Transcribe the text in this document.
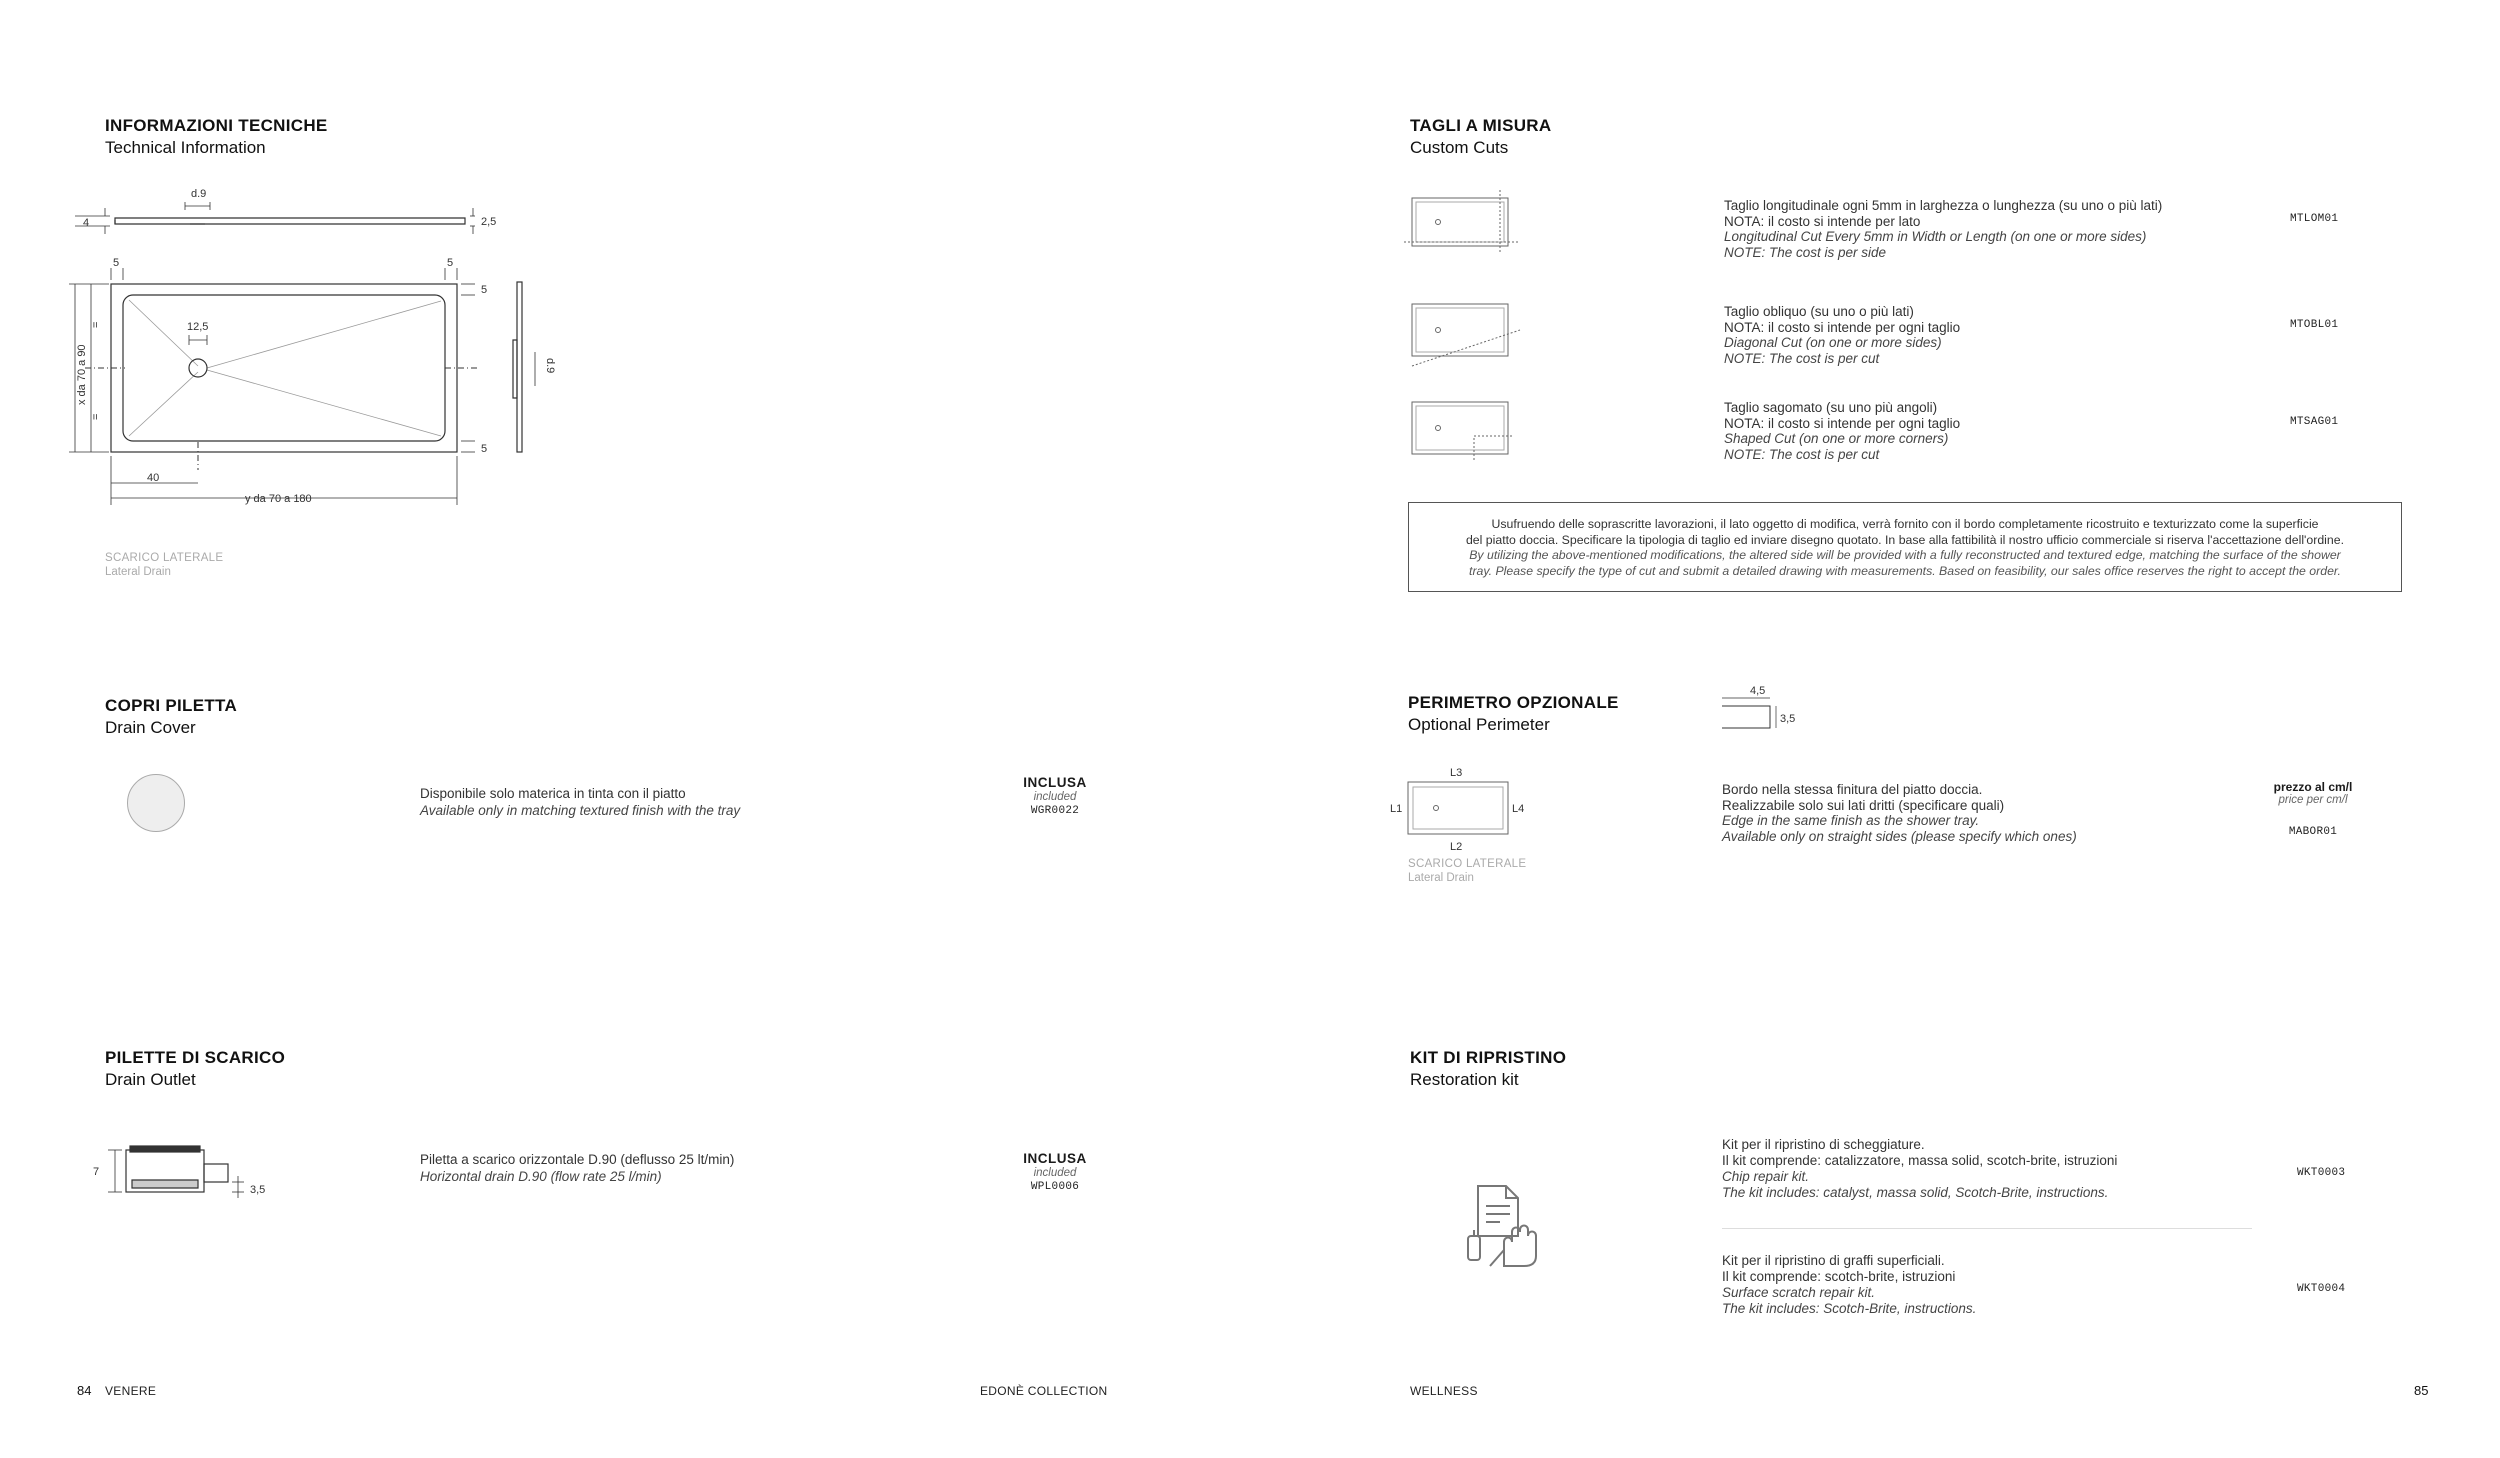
INFORMAZIONI TECNICHE
Technical Information
d.9
4	2,5
5	5
5
5
12,5
40
y da 70 a 180
x da 70 a 90
=
=
d.9
SCARICO LATERALE
Lateral Drain
COPRI PILETTA
Drain Cover
Disponibile solo materica in tinta con il piatto
Available only in matching textured finish with the tray
INCLUSA
included
WGR0022
PILETTE DI SCARICO
Drain Outlet
7
3,5
Piletta a scarico orizzontale D.90 (deflusso 25 lt/min)
Horizontal drain D.90 (flow rate 25 l/min)
INCLUSA
included
WPL0006
84 VENERE	EDONÈ COLLECTION
TAGLI A MISURA
Custom Cuts
Taglio longitudinale ogni 5mm in larghezza o lunghezza (su uno o più lati)
NOTA: il costo si intende per lato
Longitudinal Cut Every 5mm in Width or Length (on one or more sides)
NOTE: The cost is per side
MTLOM01
Taglio obliquo (su uno o più lati)
NOTA: il costo si intende per ogni taglio
Diagonal Cut (on one or more sides)
NOTE: The cost is per cut
MTOBL01
Taglio sagomato (su uno più angoli)
NOTA: il costo si intende per ogni taglio
Shaped Cut (on one or more corners)
NOTE: The cost is per cut
MTSAG01
Usufruendo delle soprascritte lavorazioni, il lato oggetto di modifica, verrà fornito con il bordo completamente ricostruito e texturizzato come la superficie
del piatto doccia. Specificare la tipologia di taglio ed inviare disegno quotato. In base alla fattibilità il nostro ufficio commerciale si riserva l'accettazione dell'ordine.
By utilizing the above-mentioned modifications, the altered side will be provided with a fully reconstructed and textured edge, matching the surface of the shower
tray. Please specify the type of cut and submit a detailed drawing with measurements. Based on feasibility, our sales office reserves the right to accept the order.
PERIMETRO OPZIONALE
Optional Perimeter
4,5
3,5
L3
L1	L4
L2
SCARICO LATERALE
Lateral Drain
Bordo nella stessa finitura del piatto doccia.
Realizzabile solo sui lati dritti (specificare quali)
Edge in the same finish as the shower tray.
Available only on straight sides (please specify which ones)
prezzo al cm/l
price per cm/l
MABOR01
KIT DI RIPRISTINO
Restoration kit
Kit per il ripristino di scheggiature.
Il kit comprende: catalizzatore, massa solid, scotch-brite, istruzioni
Chip repair kit.
The kit includes: catalyst, massa solid, Scotch-Brite, instructions.
WKT0003
Kit per il ripristino di graffi superficiali.
Il kit comprende: scotch-brite, istruzioni
Surface scratch repair kit.
The kit includes: Scotch-Brite, instructions.
WKT0004
WELLNESS	85
